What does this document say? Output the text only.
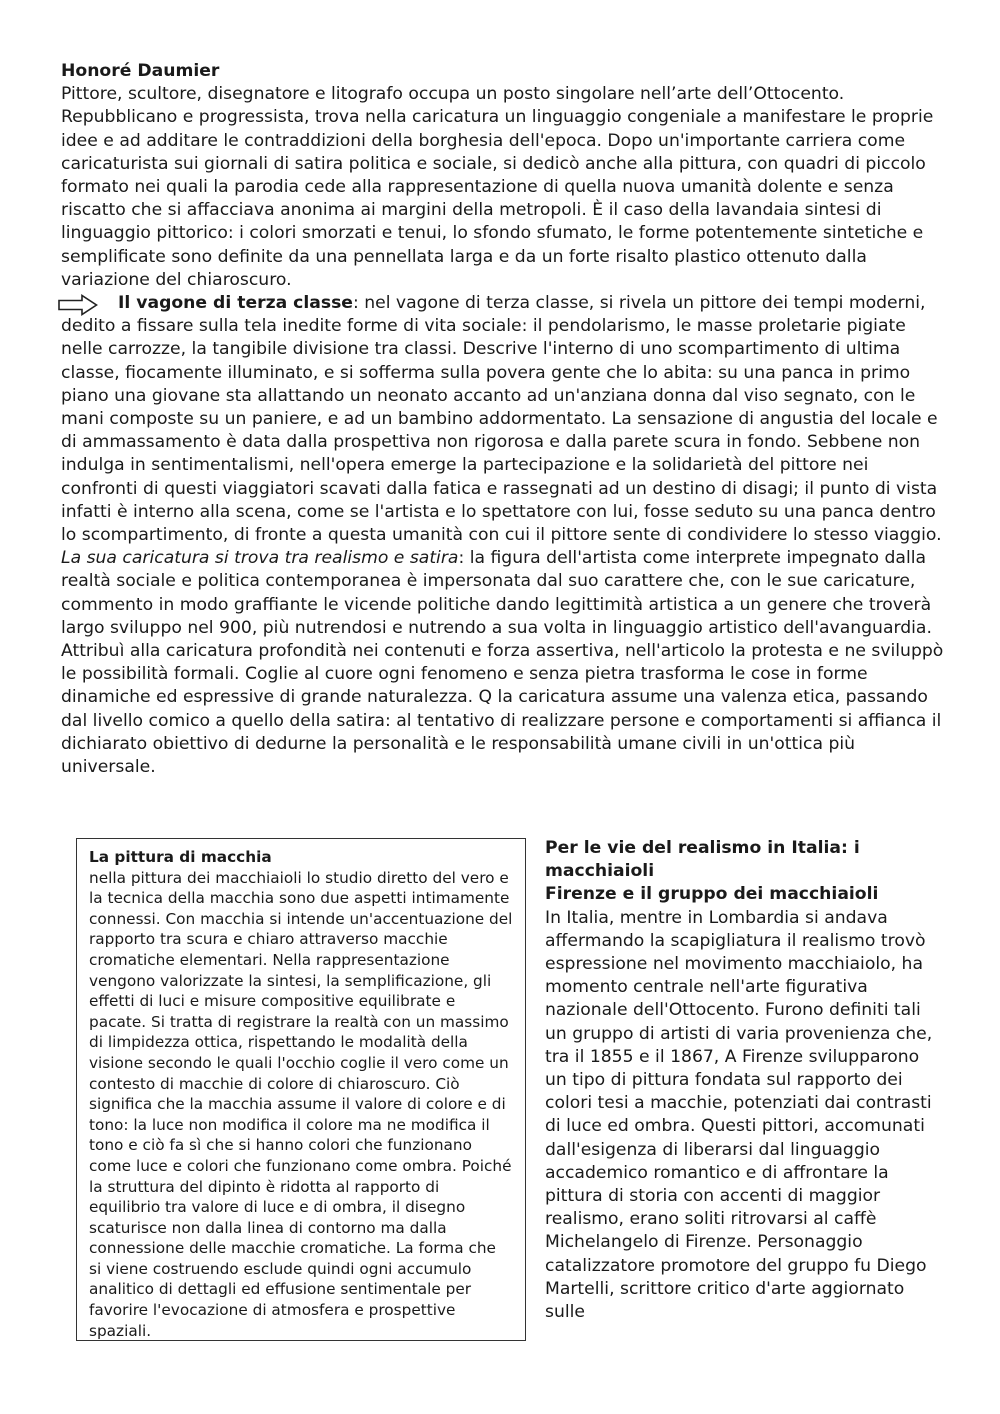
Honoré Daumier
Pittore, scultore, disegnatore e litografo occupa un posto singolare nell’arte dell’Ottocento. Repubblicano e progressista, trova nella caricatura un linguaggio congeniale a manifestare le proprie idee e ad additare le contraddizioni della borghesia dell'epoca. Dopo un'importante carriera come caricaturista sui giornali di satira politica e sociale, si dedicò anche alla pittura, con quadri di piccolo formato nei quali la parodia cede alla rappresentazione di quella nuova umanità dolente e senza riscatto che si affacciava anonima ai margini della metropoli. È il caso della lavandaia sintesi di linguaggio pittorico: i colori smorzati e tenui, lo sfondo sfumato, le forme potentemente sintetiche e semplificate sono definite da una pennellata larga e da un forte risalto plastico ottenuto dalla variazione del chiaroscuro.

Il vagone di terza classe: nel vagone di terza classe, si rivela un pittore dei tempi moderni, dedito a fissare sulla tela inedite forme di vita sociale: il pendolarismo, le masse proletarie pigiate nelle carrozze, la tangibile divisione tra classi. Descrive l'interno di uno scompartimento di ultima classe, fiocamente illuminato, e si sofferma sulla povera gente che lo abita: su una panca in primo piano una giovane sta allattando un neonato accanto ad un'anziana donna dal viso segnato, con le mani composte su un paniere, e ad un bambino addormentato. La sensazione di angustia del locale e di ammassamento è data dalla prospettiva non rigorosa e dalla parete scura in fondo. Sebbene non indulga in sentimentalismi, nell'opera emerge la partecipazione e la solidarietà del pittore nei confronti di questi viaggiatori scavati dalla fatica e rassegnati ad un destino di disagi; il punto di vista infatti è interno alla scena, come se l'artista e lo spettatore con lui, fosse seduto su una panca dentro lo scompartimento, di fronte a questa umanità con cui il pittore sente di condividere lo stesso viaggio.

La sua caricatura si trova tra realismo e satira: la figura dell'artista come interprete impegnato dalla realtà sociale e politica contemporanea è impersonata dal suo carattere che, con le sue caricature, commento in modo graffiante le vicende politiche dando legittimità artistica a un genere che troverà largo sviluppo nel 900, più nutrendosi e nutrendo a sua volta in linguaggio artistico dell'avanguardia. Attribuì alla caricatura profondità nei contenuti e forza assertiva, nell'articolo la protesta e ne sviluppò le possibilità formali. Coglie al cuore ogni fenomeno e senza pietra trasforma le cose in forme dinamiche ed espressive di grande naturalezza. Q la caricatura assume una valenza etica, passando dal livello comico a quello della satira: al tentativo di realizzare persone e comportamenti si affianca il dichiarato obiettivo di dedurne la personalità e le responsabilità umane civili in un'ottica più universale.

La pittura di macchia
nella pittura dei macchiaioli lo studio diretto del vero e la tecnica della macchia sono due aspetti intimamente connessi. Con macchia si intende un'accentuazione del rapporto tra scura e chiaro attraverso macchie cromatiche elementari. Nella rappresentazione vengono valorizzate la sintesi, la semplificazione, gli effetti di luci e misure compositive equilibrate e pacate. Si tratta di registrare la realtà con un massimo di limpidezza ottica, rispettando le modalità della visione secondo le quali l'occhio coglie il vero come un contesto di macchie di colore di chiaroscuro. Ciò significa che la macchia assume il valore di colore e di tono: la luce non modifica il colore ma ne modifica il tono e ciò fa sì che si hanno colori che funzionano come luce e colori che funzionano come ombra. Poiché la struttura del dipinto è ridotta al rapporto di equilibrio tra valore di luce e di ombra, il disegno scaturisce non dalla linea di contorno ma dalla connessione delle macchie cromatiche. La forma che si viene costruendo esclude quindi ogni accumulo analitico di dettagli ed effusione sentimentale per favorire l'evocazione di atmosfera e prospettive spaziali.

Per le vie del realismo in Italia: i macchiaioli

Firenze e il gruppo dei macchiaioli

In Italia, mentre in Lombardia si andava affermando la scapigliatura il realismo trovò espressione nel movimento macchiaiolo, ha momento centrale nell'arte figurativa nazionale dell'Ottocento. Furono definiti tali un gruppo di artisti di varia provenienza che, tra il 1855 e il 1867, A Firenze svilupparono un tipo di pittura fondata sul rapporto dei colori tesi a macchie, potenziati dai contrasti di luce ed ombra. Questi pittori, accomunati dall'esigenza di liberarsi dal linguaggio accademico romantico e di affrontare la pittura di storia con accenti di maggior realismo, erano soliti ritrovarsi al caffè Michelangelo di Firenze. Personaggio catalizzatore promotore del gruppo fu Diego Martelli, scrittore critico d'arte aggiornato sulle
